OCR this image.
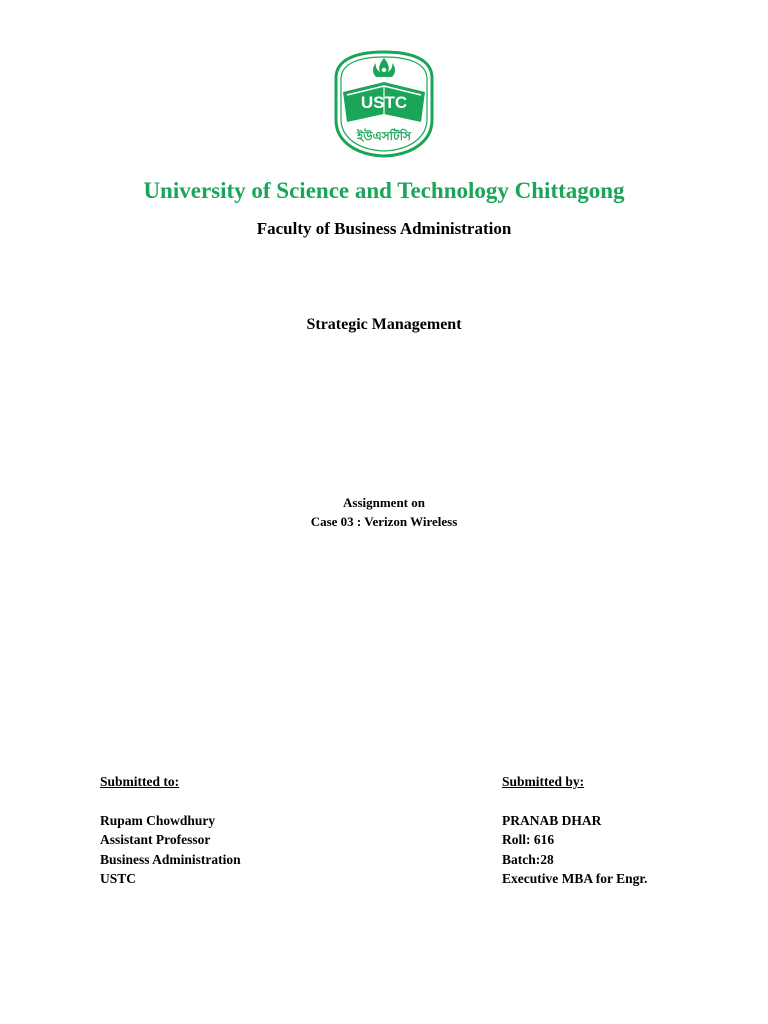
USTC
ইউএসটিসি
University of Science and Technology Chittagong
Faculty of Business Administration
Strategic Management
Assignment on
Case 03 : Verizon Wireless
Submitted to:
Rupam Chowdhury
Assistant Professor
Business Administration
USTC
Submitted by:
PRANAB DHAR
Roll: 616
Batch:28
Executive MBA for Engr.
